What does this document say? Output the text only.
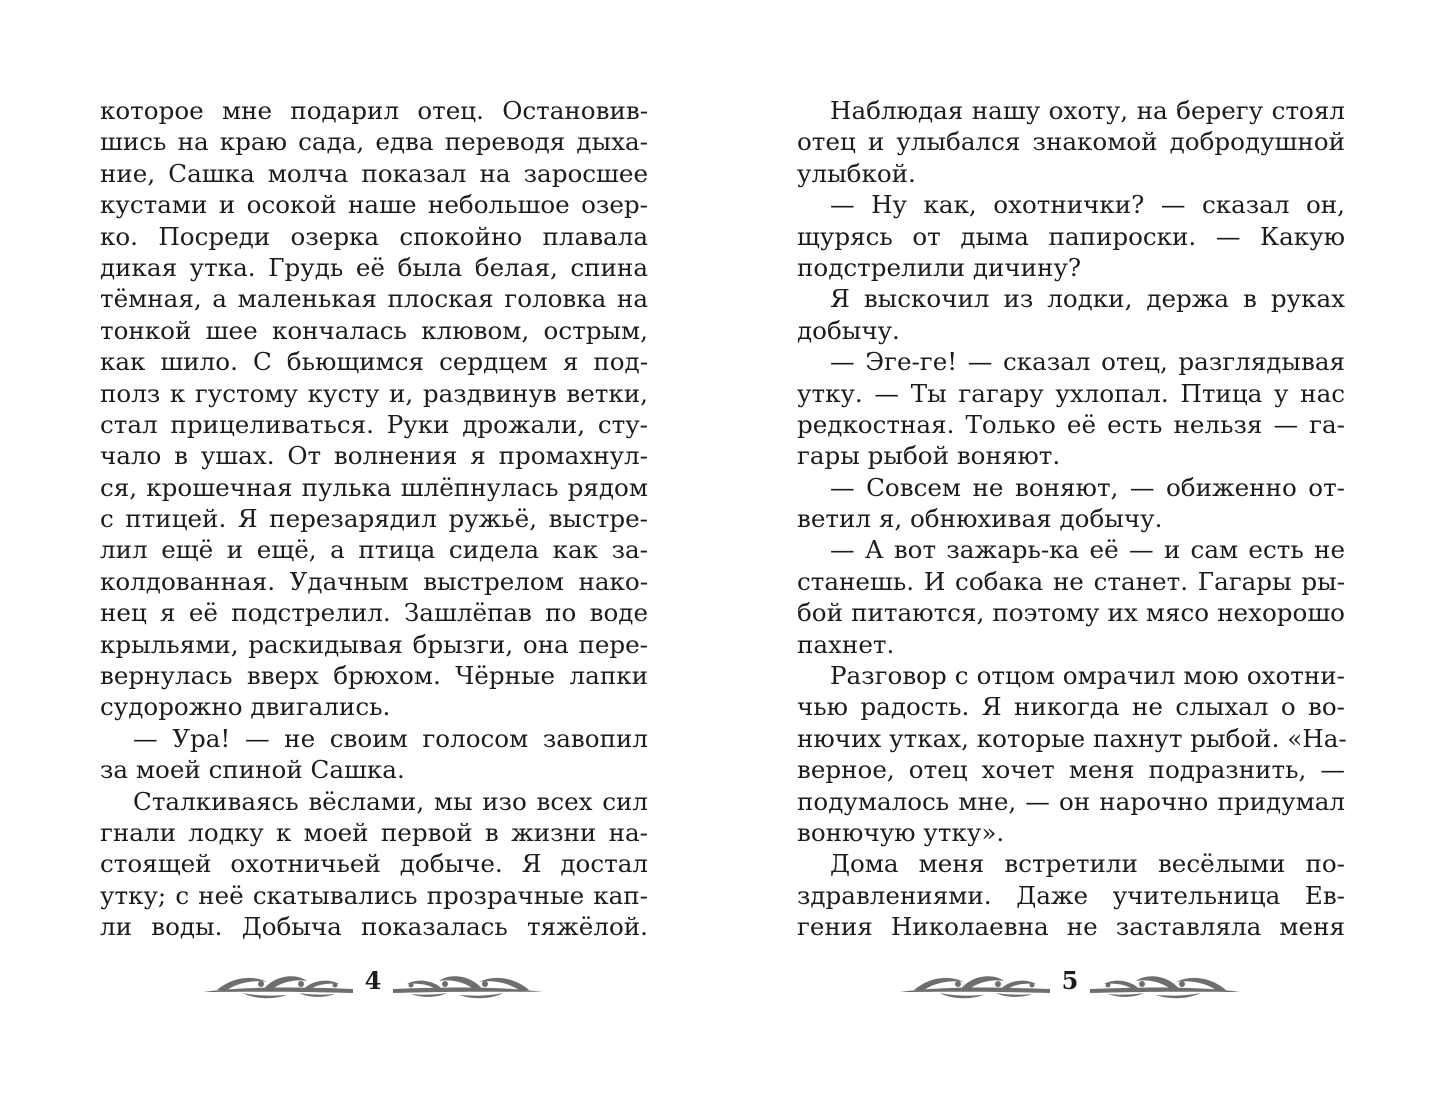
которое мне подарил отец. Остановив-
шись на краю сада, едва переводя дыха-
ние, Сашка молча показал на заросшее
кустами и осокой наше небольшое озер-
ко. Посреди озерка спокойно плавала
дикая утка. Грудь её была белая, спина
тёмная, а маленькая плоская головка на
тонкой шее кончалась клювом, острым,
как шило. С бьющимся сердцем я под-
полз к густому кусту и, раздвинув ветки,
стал прицеливаться. Руки дрожали, сту-
чало в ушах. От волнения я промахнул-
ся, крошечная пулька шлёпнулась рядом
с птицей. Я перезарядил ружьё, выстре-
лил ещё и ещё, а птица сидела как за-
колдованная. Удачным выстрелом нако-
нец я её подстрелил. Зашлёпав по воде
крыльями, раскидывая брызги, она пере-
вернулась вверх брюхом. Чёрные лапки
судорожно двигались.
— Ура! — не своим голосом завопил
за моей спиной Сашка.
Сталкиваясь вёслами, мы изо всех сил
гнали лодку к моей первой в жизни на-
стоящей охотничьей добыче. Я достал
утку; с неё скатывались прозрачные кап-
ли воды. Добыча показалась тяжёлой.
Наблюдая нашу охоту, на берегу стоял
отец и улыбался знакомой добродушной
улыбкой.
— Ну как, охотнички? — сказал он,
щурясь от дыма папироски. — Какую
подстрелили дичину?
Я выскочил из лодки, держа в руках
добычу.
— Эге-ге! — сказал отец, разглядывая
утку. — Ты гагару ухлопал. Птица у нас
редкостная. Только её есть нельзя — га-
гары рыбой воняют.
— Совсем не воняют, — обиженно от-
ветил я, обнюхивая добычу.
— А вот зажарь-ка её — и сам есть не
станешь. И собака не станет. Гагары ры-
бой питаются, поэтому их мясо нехорошо
пахнет.
Разговор с отцом омрачил мою охотни-
чью радость. Я никогда не слыхал о во-
нючих утках, которые пахнут рыбой. «На-
верное, отец хочет меня подразнить, —
подумалось мне, — он нарочно придумал
вонючую утку».
Дома меня встретили весёлыми по-
здравлениями. Даже учительница Ев-
гения Николаевна не заставляла меня
4	5
